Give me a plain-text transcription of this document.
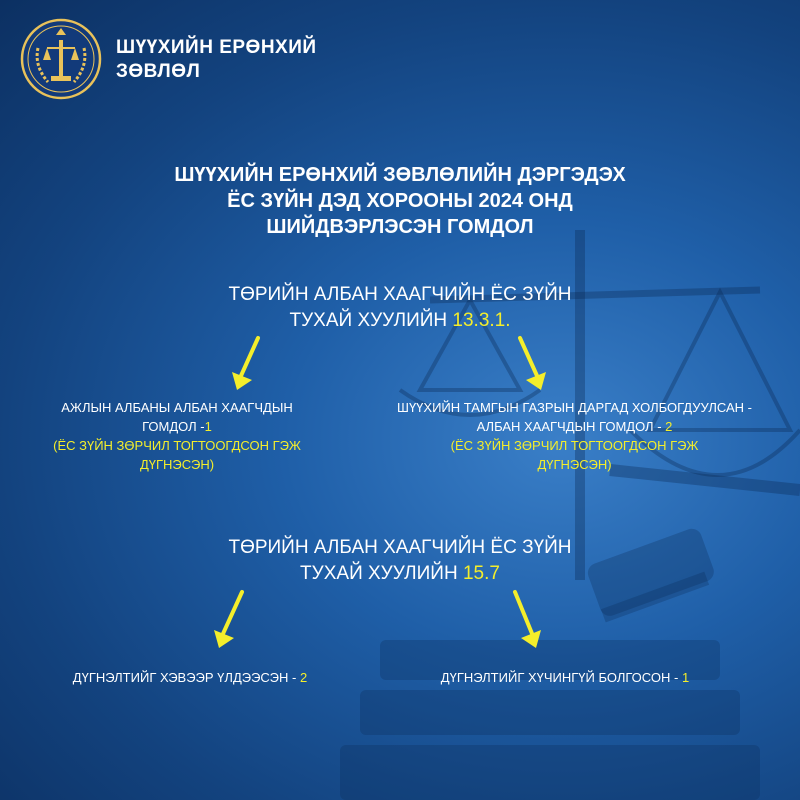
ШҮҮХИЙН ЕРӨНХИЙ
ЗӨВЛӨЛ
ШҮҮХИЙН ЕРӨНХИЙ ЗӨВЛӨЛИЙН ДЭРГЭДЭХ
ЁС ЗҮЙН ДЭД ХОРООНЫ 2024 ОНД
ШИЙДВЭРЛЭСЭН ГОМДОЛ
ТӨРИЙН АЛБАН ХААГЧИЙН ЁС ЗҮЙН
ТУХАЙ ХУУЛИЙН 13.3.1.
АЖЛЫН АЛБАНЫ АЛБАН ХААГЧДЫН
ГОМДОЛ -1
(ЁС ЗҮЙН ЗӨРЧИЛ ТОГТООГДСОН ГЭЖ
ДҮГНЭСЭН)
ШҮҮХИЙН ТАМГЫН ГАЗРЫН ДАРГАД ХОЛБОГДУУЛСАН -
АЛБАН ХААГЧДЫН ГОМДОЛ - 2
(ЁС ЗҮЙН ЗӨРЧИЛ ТОГТООГДСОН ГЭЖ
ДҮГНЭСЭН)
ТӨРИЙН АЛБАН ХААГЧИЙН ЁС ЗҮЙН
ТУХАЙ ХУУЛИЙН 15.7
ДҮГНЭЛТИЙГ ХЭВЭЭР ҮЛДЭЭСЭН - 2	ДҮГНЭЛТИЙГ ХҮЧИНГҮЙ БОЛГОСОН - 1
